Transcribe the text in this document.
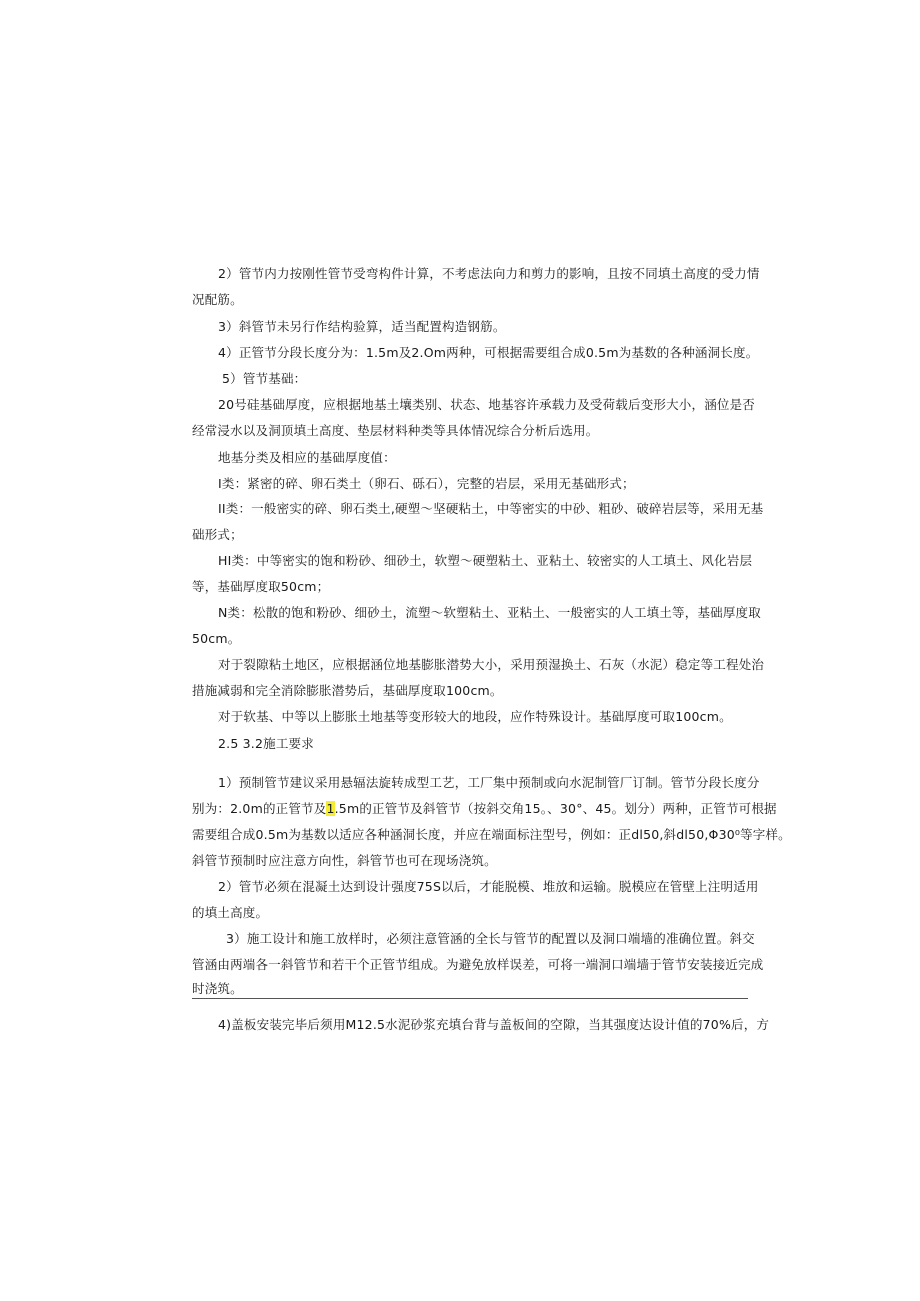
2）管节内力按刚性管节受弯构件计算，不考虑法向力和剪力的影响，且按不同填土高度的受力情
况配筋。
3）斜管节未另行作结构验算，适当配置构造钢筋。
4）正管节分段长度分为：1.5m及2.Om两种，可根据需要组合成0.5m为基数的各种涵洞长度。
5）管节基础：
20号硅基础厚度，应根据地基土壤类别、状态、地基容许承载力及受荷载后变形大小，涵位是否
经常浸水以及洞顶填土高度、垫层材料种类等具体情况综合分析后选用。
地基分类及相应的基础厚度值：
I类：紧密的碎、卵石类土（卵石、砾石），完整的岩层，采用无基础形式；
II类：一般密实的碎、卵石类土,硬塑〜坚硬粘土，中等密实的中砂、粗砂、破碎岩层等，采用无基
础形式；
HI类：中等密实的饱和粉砂、细砂土，软塑〜硬塑粘土、亚粘土、较密实的人工填土、风化岩层
等，基础厚度取50cm；
N类：松散的饱和粉砂、细砂土，流塑〜软塑粘土、亚粘土、一般密实的人工填土等，基础厚度取
50cm。
对于裂隙粘土地区，应根据涵位地基膨胀潜势大小，采用预湿换土、石灰（水泥）稳定等工程处治
措施减弱和完全消除膨胀潜势后，基础厚度取100cm。
对于软基、中等以上膨胀土地基等变形较大的地段，应作特殊设计。基础厚度可取100cm。
2.5 3.2施工要求
1）预制管节建议采用悬辐法旋转成型工艺，工厂集中预制或向水泥制管厂订制。管节分段长度分
别为：2.0m的正管节及1.5m的正管节及斜管节（按斜交角15。、30°、45。划分）两种，正管节可根据
需要组合成0.5m为基数以适应各种涵洞长度，并应在端面标注型号，例如：正dl50,斜dl50,Φ30⁰等字样。
斜管节预制时应注意方向性，斜管节也可在现场浇筑。
2）管节必须在混凝土达到设计强度75S以后，才能脱模、堆放和运输。脱模应在管壁上注明适用
的填土高度。
3）施工设计和施工放样时，必须注意管涵的全长与管节的配置以及洞口端墙的准确位置。斜交
管涵由两端各一斜管节和若干个正管节组成。为避免放样误差，可将一端洞口端墙于管节安装接近完成
时浇筑。
4)盖板安装完毕后须用M12.5水泥砂浆充填台背与盖板间的空隙，当其强度达设计值的70%后，方
